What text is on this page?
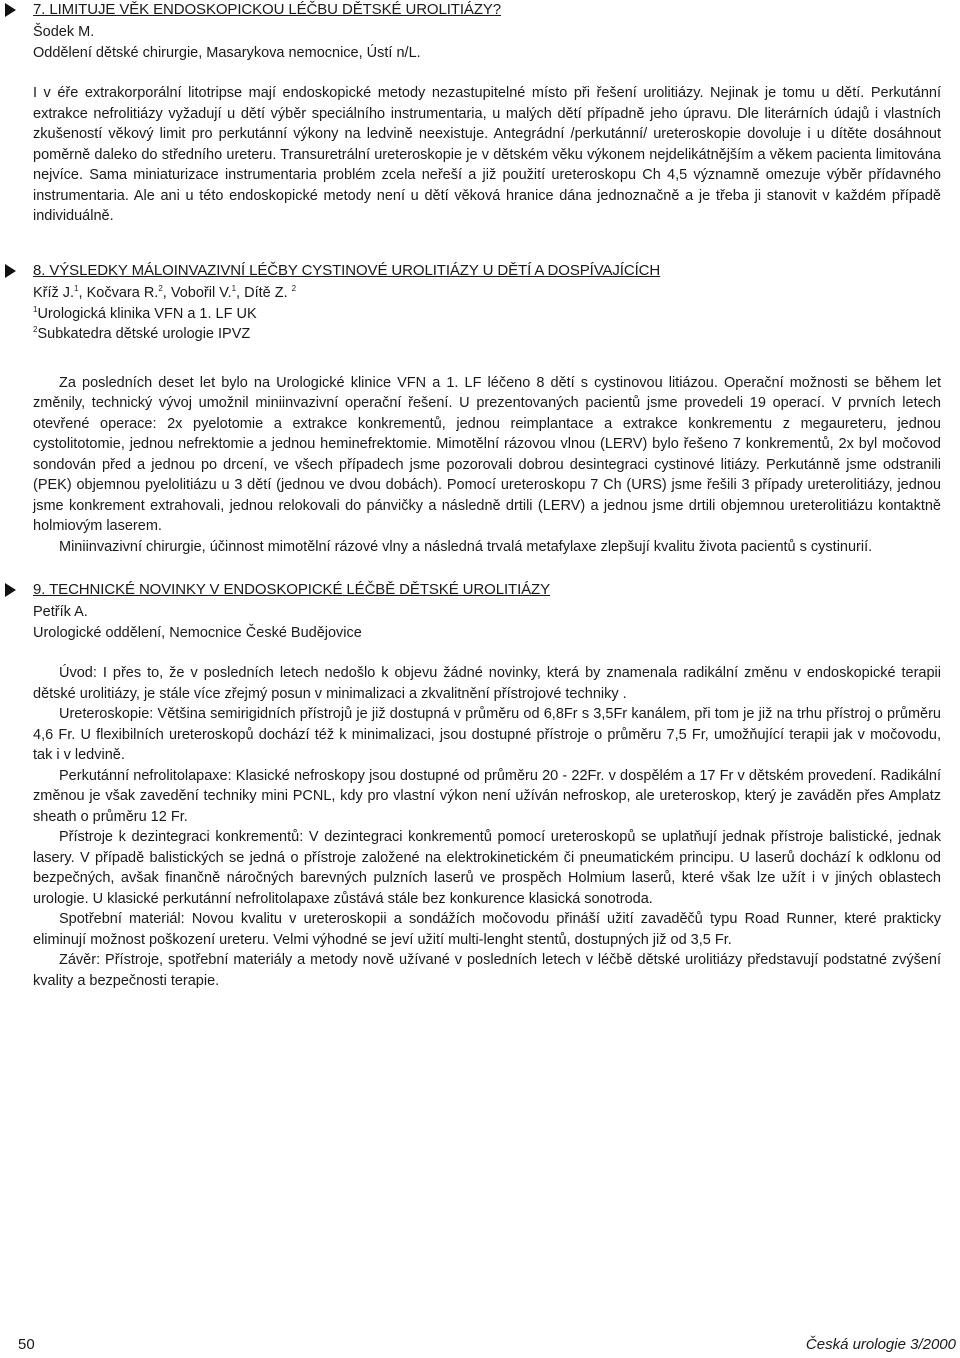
7. LIMITUJE VĚK ENDOSKOPICKOU LÉČBU DĚTSKÉ UROLITIÁZY?
Šodek M.
Oddělení dětské chirurgie, Masarykova nemocnice, Ústí n/L.

I v éře extrakorporální litotripse mají endoskopické metody nezastupitelné místo při řešení urolitiázy. Nejinak je tomu u dětí. Perkutánní extrakce nefrolitiázy vyžadují u dětí výběr speciálního instrumentaria, u malých dětí případně jeho úpravu. Dle literárních údajů i vlastních zkušeností věkový limit pro perkutánní výkony na ledvině neexistuje. Antegrádní /perkutánní/ ureteroskopie dovoluje i u dítěte dosáhnout poměrně daleko do středního ureteru. Transuretrální ureteroskopie je v dětském věku výkonem nejdelikátnějším a věkem pacienta limitována nejvíce. Sama miniaturizace instrumentaria problém zcela neřeší a již použití ureteroskopu Ch 4,5 významně omezuje výběr přídavného instrumentaria. Ale ani u této endoskopické metody není u dětí věková hranice dána jednoznačně a je třeba ji stanovit v každém případě individuálně.

8. VÝSLEDKY MÁLOINVAZIVNÍ LÉČBY CYSTINOVÉ UROLITIÁZY U DĚTÍ A DOSPÍVAJÍCÍCH
Kříž J.$^1$, Kočvara R.$^2$, Vobořil V.$^1$, Dítě Z. $^2$
$^1$Urologická klinika VFN a 1. LF UK
$^2$Subkatedra dětské urologie IPVZ

Za posledních deset let bylo na Urologické klinice VFN a 1. LF léčeno 8 dětí s cystinovou litiázou. Operační možnosti se během let změnily, technický vývoj umožnil miniinvazivní operační řešení. U prezentovaných pacientů jsme provedeli 19 operací. V prvních letech otevřené operace: 2x pyelotomie a extrakce konkrementů, jednou reimplantace a extrakce konkrementu z megaureteru, jednou cystolitotomie, jednou nefrektomie a jednou heminefrektomie. Mimotělní rázovou vlnou (LERV) bylo řešeno 7 konkrementů, 2x byl močovod sondován před a jednou po drcení, ve všech případech jsme pozorovali dobrou desintegraci cystinové litiázy. Perkutánně jsme odstranili (PEK) objemnou pyelolitiázu u 3 dětí (jednou ve dvou dobách). Pomocí ureteroskopu 7 Ch (URS) jsme řešili 3 případy ureterolitiázy, jednou jsme konkrement extrahovali, jednou relokovali do pánvičky a následně drtili (LERV) a jednou jsme drtili objemnou ureterolitiázu kontaktně holmiovým laserem.

Miniinvazivní chirurgie, účinnost mimotělní rázové vlny a následná trvalá metafylaxe zlepšují kvalitu života pacientů s cystinurií.

9. TECHNICKÉ NOVINKY V ENDOSKOPICKÉ LÉČBĚ DĚTSKÉ UROLITIÁZY
Petřík A.
Urologické oddělení, Nemocnice České Budějovice

Úvod: I přes to, že v posledních letech nedošlo k objevu žádné novinky, která by znamenala radikální změnu v endoskopické terapii dětské urolitiázy, je stále více zřejmý posun v minimalizaci a zkvalitnění přístrojové techniky .

Ureteroskopie: Většina semirigidních přístrojů je již dostupná v průměru od 6,8Fr s 3,5Fr kanálem, při tom je již na trhu přístroj o průměru 4,6 Fr. U flexibilních ureteroskopů dochází též k minimalizaci, jsou dostupné přístroje o průměru 7,5 Fr, umožňující terapii jak v močovodu, tak i v ledvině.

Perkutánní nefrolitolapaxe: Klasické nefroskopy jsou dostupné od průměru 20 - 22Fr. v dospělém a 17 Fr v dětském provedení. Radikální změnou je však zavedění techniky mini PCNL, kdy pro vlastní výkon není užíván nefroskop, ale ureteroskop, který je zaváděn přes Amplatz sheath o průměru 12 Fr.

Přístroje k dezintegraci konkrementů: V dezintegraci konkrementů pomocí ureteroskopů se uplatňují jednak přístroje balistické, jednak lasery. V případě balistických se jedná o přístroje založené na elektrokinetickém či pneumatickém principu. U laserů dochází k odklonu od bezpečných, avšak finančně náročných barevných pulzních laserů ve prospěch Holmium laserů, které však lze užít i v jiných oblastech urologie. U klasické perkutánní nefrolitolapaxe zůstává stále bez konkurence klasická sonotroda.

Spotřební materiál: Novou kvalitu v ureteroskopii a sondážích močovodu přináší užití zavaděčů typu Road Runner, které prakticky eliminují možnost poškození ureteru. Velmi výhodné se jeví užití multi-lenght stentů, dostupných již od 3,5 Fr.

Závěr: Přístroje, spotřební materiály a metody nově užívané v posledních letech v léčbě dětské urolitiázy představují podstatné zvýšení kvality a bezpečnosti terapie.

50	Česká urologie 3/2000
